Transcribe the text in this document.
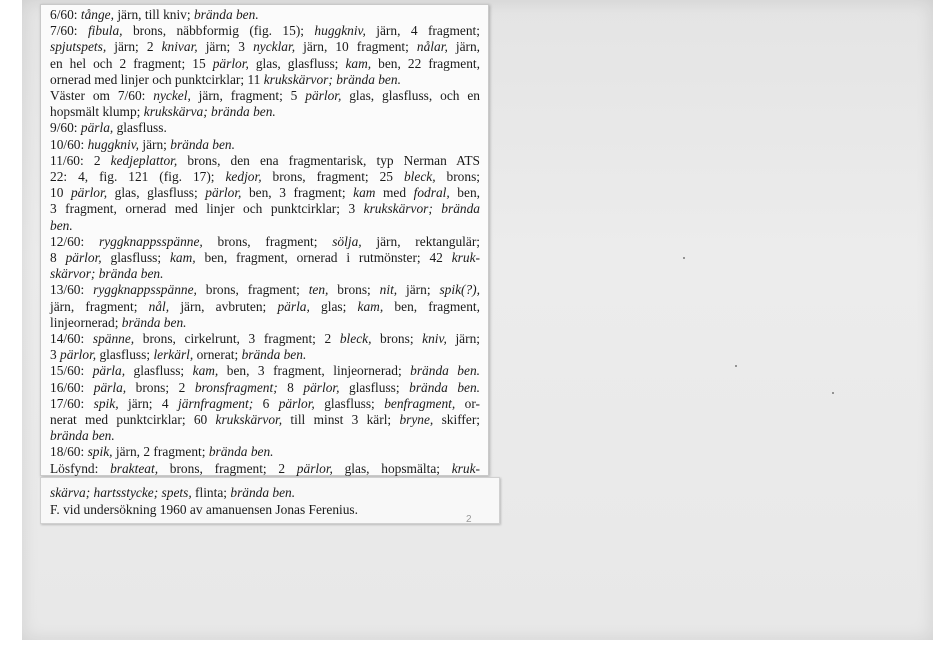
6/60: tånge, järn, till kniv; brända ben.
7/60: fibula, brons, näbbformig (fig. 15); huggkniv, järn, 4 fragment;
spjutspets, järn; 2 knivar, järn; 3 nycklar, järn, 10 fragment; nålar, järn,
en hel och 2 fragment; 15 pärlor, glas, glasfluss; kam, ben, 22 fragment,
ornerad med linjer och punktcirklar; 11 krukskärvor; brända ben.
Väster om 7/60: nyckel, järn, fragment; 5 pärlor, glas, glasfluss, och en
hopsmält klump; krukskärva; brända ben.
9/60: pärla, glasfluss.
10/60: huggkniv, järn; brända ben.
11/60: 2 kedjeplattor, brons, den ena fragmentarisk, typ Nerman ATS
22: 4, fig. 121 (fig. 17); kedjor, brons, fragment; 25 bleck, brons;
10 pärlor, glas, glasfluss; pärlor, ben, 3 fragment; kam med fodral, ben,
3 fragment, ornerad med linjer och punktcirklar; 3 krukskärvor; brända
ben.
12/60: ryggknappsspänne, brons, fragment; sölja, järn, rektangulär;
8 pärlor, glasfluss; kam, ben, fragment, ornerad i rutmönster; 42 kruk-
skärvor; brända ben.
13/60: ryggknappsspänne, brons, fragment; ten, brons; nit, järn; spik(?),
järn, fragment; nål, järn, avbruten; pärla, glas; kam, ben, fragment,
linjeornerad; brända ben.
14/60: spänne, brons, cirkelrunt, 3 fragment; 2 bleck, brons; kniv, järn;
3 pärlor, glasfluss; lerkärl, ornerat; brända ben.
15/60: pärla, glasfluss; kam, ben, 3 fragment, linjeornerad; brända ben.
16/60: pärla, brons; 2 bronsfragment; 8 pärlor, glasfluss; brända ben.
17/60: spik, järn; 4 järnfragment; 6 pärlor, glasfluss; benfragment, or-
nerat med punktcirklar; 60 krukskärvor, till minst 3 kärl; bryne, skiffer;
brända ben.
18/60: spik, järn, 2 fragment; brända ben.
Lösfynd: brakteat, brons, fragment; 2 pärlor, glas, hopsmälta; kruk-
skärva; hartsstycke; spets, flinta; brända ben.
F. vid undersökning 1960 av amanuensen Jonas Ferenius.
2
